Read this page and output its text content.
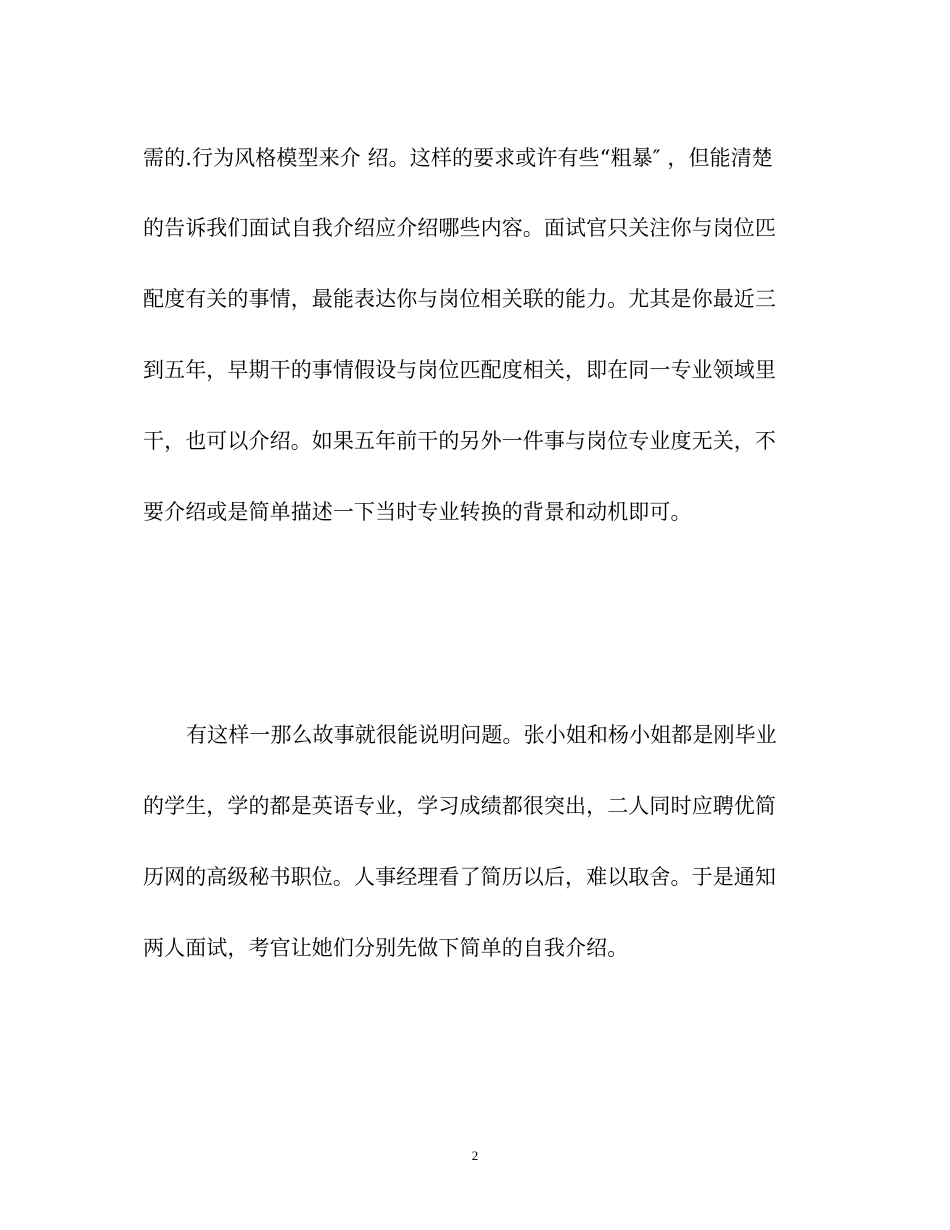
需的.行为风格模型来介 绍。这样的要求或许有些“粗暴″ ，但能清楚
的告诉我们面试自我介绍应介绍哪些内容。面试官只关注你与岗位匹
配度有关的事情，最能表达你与岗位相关联的能力。尤其是你最近三
到五年，早期干的事情假设与岗位匹配度相关，即在同一专业领域里
干，也可以介绍。如果五年前干的另外一件事与岗位专业度无关，不
要介绍或是简单描述一下当时专业转换的背景和动机即可。
有这样一那么故事就很能说明问题。张小姐和杨小姐都是刚毕业
的学生，学的都是英语专业，学习成绩都很突出，二人同时应聘优简
历网的高级秘书职位。人事经理看了简历以后，难以取舍。于是通知
两人面试，考官让她们分别先做下简单的自我介绍。
2
